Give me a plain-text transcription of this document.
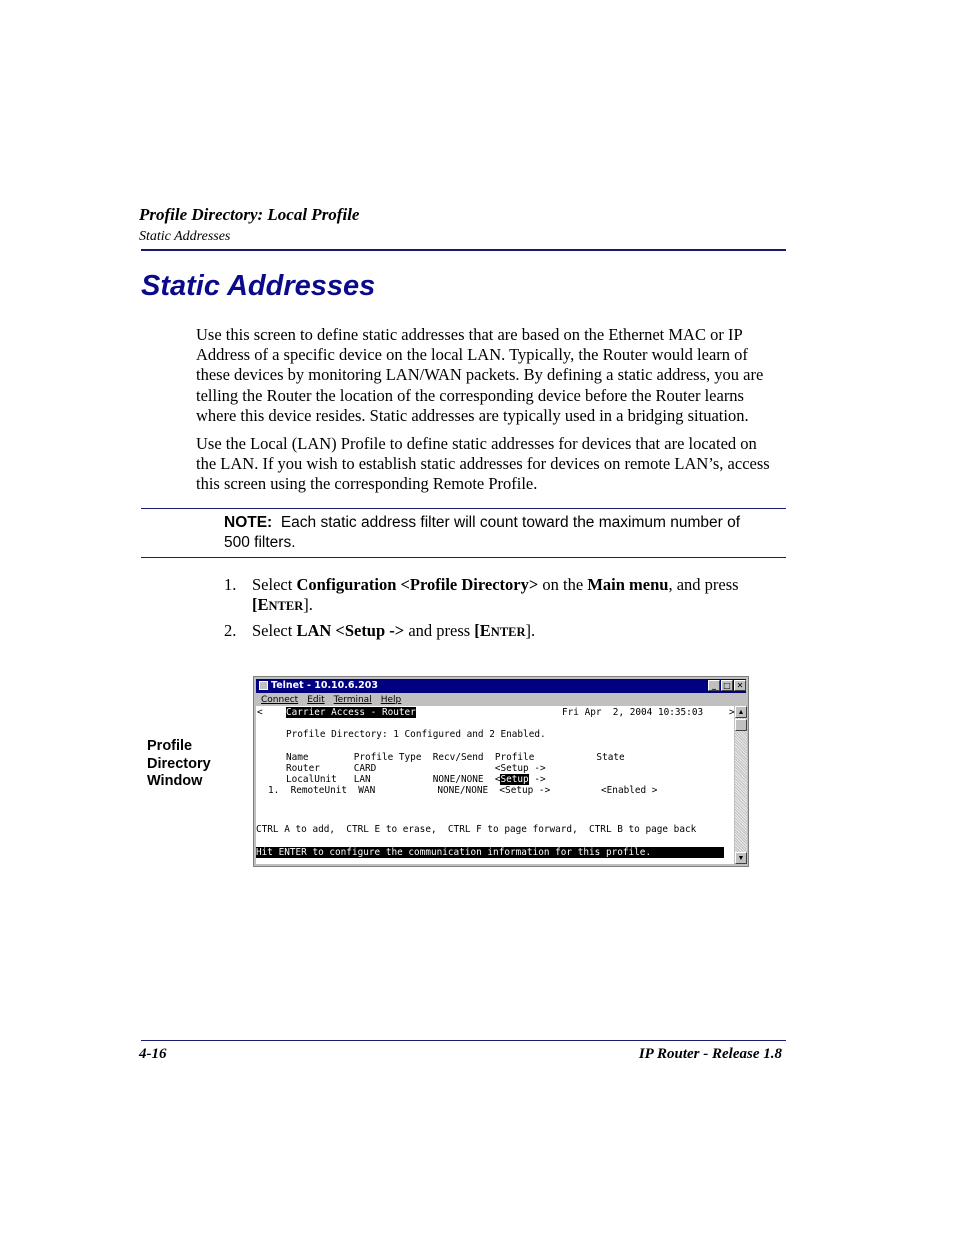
Profile Directory: Local Profile
Static Addresses
Static Addresses
Use this screen to define static addresses that are based on the Ethernet MAC or IP
Address of a specific device on the local LAN. Typically, the Router would learn of
these devices by monitoring LAN/WAN packets. By defining a static address, you are
telling the Router the location of the corresponding device before the Router learns
where this device resides. Static addresses are typically used in a bridging situation.
Use the Local (LAN) Profile to define static addresses for devices that are located on
the LAN. If you wish to establish static addresses for devices on remote LAN’s, access
this screen using the corresponding Remote Profile.
NOTE: Each static address filter will count toward the maximum number of
500 filters.
1. Select Configuration <Profile Directory> on the Main menu, and press
[ENTER].
2. Select LAN <Setup -> and press [ENTER].
Profile
Directory
Window
Telnet - 10.10.6.203	_ □ ✕
Connect Edit Terminal Help
< Carrier Access - Router	Fri Apr  2, 2004 10:35:03	>
Profile Directory: 1 Configured and 2 Enabled.
Name        Profile Type  Recv/Send  Profile           State
Router      CARD                     <Setup ->
LocalUnit   LAN           NONE/NONE  <Setup ->
1.  RemoteUnit  WAN           NONE/NONE  <Setup ->         <Enabled >
CTRL A to add,  CTRL E to erase,  CTRL F to page forward,  CTRL B to page back
Hit ENTER to configure the communication information for this profile.
▲
▼
4-16	IP Router - Release 1.8
